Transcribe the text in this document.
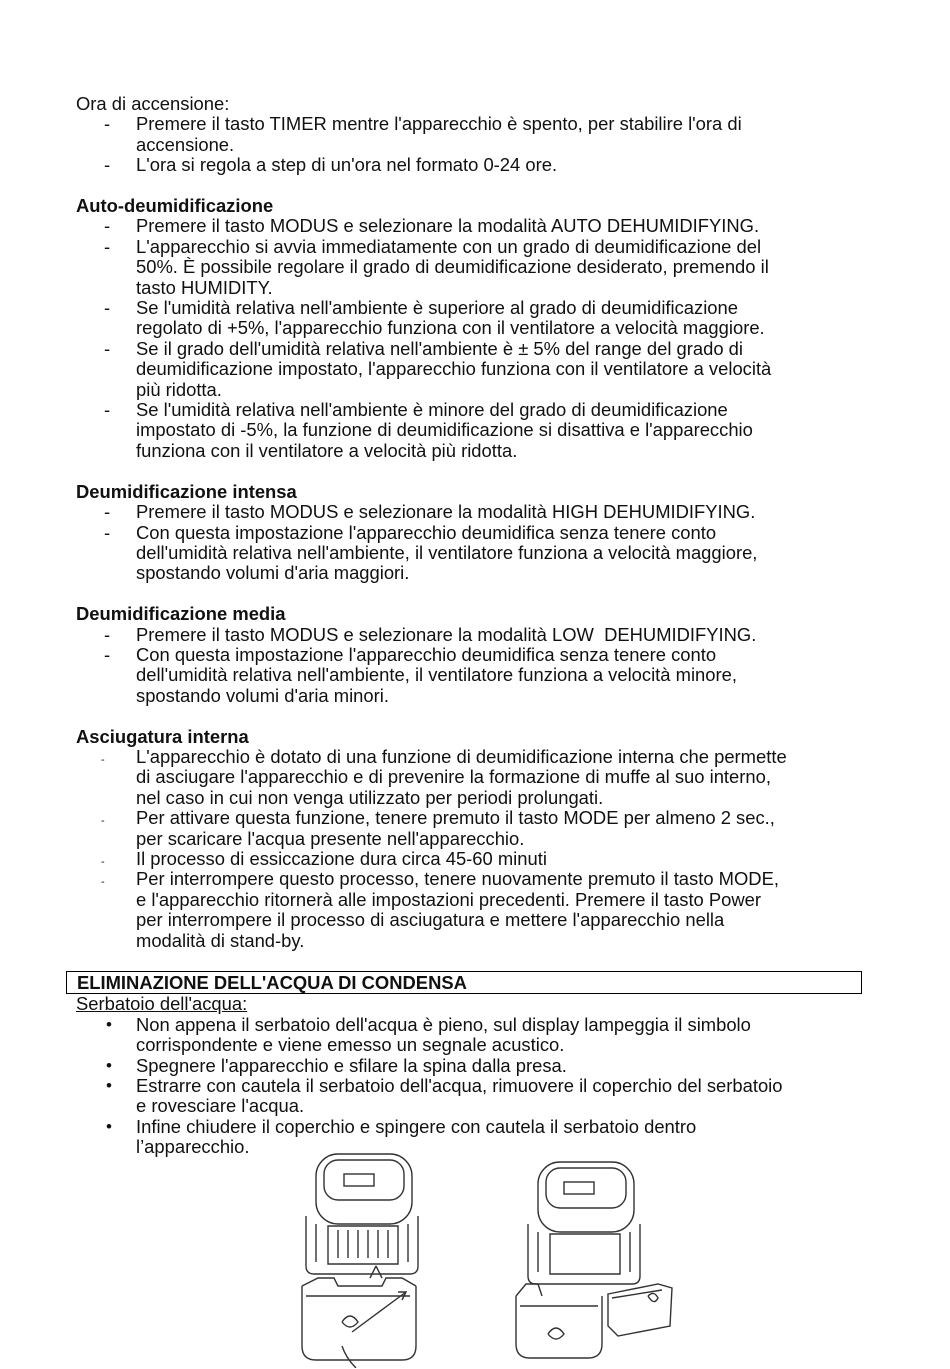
Ora di accensione:
- Premere il tasto TIMER mentre l'apparecchio è spento, per stabilire l'ora di
accensione.
- L'ora si regola a step di un'ora nel formato 0-24 ore.
Auto-deumidificazione
- Premere il tasto MODUS e selezionare la modalità AUTO DEHUMIDIFYING.
- L'apparecchio si avvia immediatamente con un grado di deumidificazione del
50%. È possibile regolare il grado di deumidificazione desiderato, premendo il
tasto HUMIDITY.
- Se l'umidità relativa nell'ambiente è superiore al grado di deumidificazione
regolato di +5%, l'apparecchio funziona con il ventilatore a velocità maggiore.
- Se il grado dell'umidità relativa nell'ambiente è ± 5% del range del grado di
deumidificazione impostato, l'apparecchio funziona con il ventilatore a velocità
più ridotta.
- Se l'umidità relativa nell'ambiente è minore del grado di deumidificazione
impostato di -5%, la funzione di deumidificazione si disattiva e l'apparecchio
funziona con il ventilatore a velocità più ridotta.
Deumidificazione intensa
- Premere il tasto MODUS e selezionare la modalità HIGH DEHUMIDIFYING.
- Con questa impostazione l'apparecchio deumidifica senza tenere conto
dell'umidità relativa nell'ambiente, il ventilatore funziona a velocità maggiore,
spostando volumi d'aria maggiori.
Deumidificazione media
- Premere il tasto MODUS e selezionare la modalità LOW  DEHUMIDIFYING.
- Con questa impostazione l'apparecchio deumidifica senza tenere conto
dell'umidità relativa nell'ambiente, il ventilatore funziona a velocità minore,
spostando volumi d'aria minori.
Asciugatura interna
- L'apparecchio è dotato di una funzione di deumidificazione interna che permette
di asciugare l'apparecchio e di prevenire la formazione di muffe al suo interno,
nel caso in cui non venga utilizzato per periodi prolungati.
- Per attivare questa funzione, tenere premuto il tasto MODE per almeno 2 sec.,
per scaricare l'acqua presente nell'apparecchio.
- Il processo di essiccazione dura circa 45-60 minuti
- Per interrompere questo processo, tenere nuovamente premuto il tasto MODE,
e l'apparecchio ritornerà alle impostazioni precedenti. Premere il tasto Power
per interrompere il processo di asciugatura e mettere l'apparecchio nella
modalità di stand-by.
ELIMINAZIONE DELL'ACQUA DI CONDENSA
Serbatoio dell'acqua:
• Non appena il serbatoio dell'acqua è pieno, sul display lampeggia il simbolo
corrispondente e viene emesso un segnale acustico.
• Spegnere l'apparecchio e sfilare la spina dalla presa.
• Estrarre con cautela il serbatoio dell'acqua, rimuovere il coperchio del serbatoio
e rovesciare l'acqua.
• Infine chiudere il coperchio e spingere con cautela il serbatoio dentro
l’apparecchio.
